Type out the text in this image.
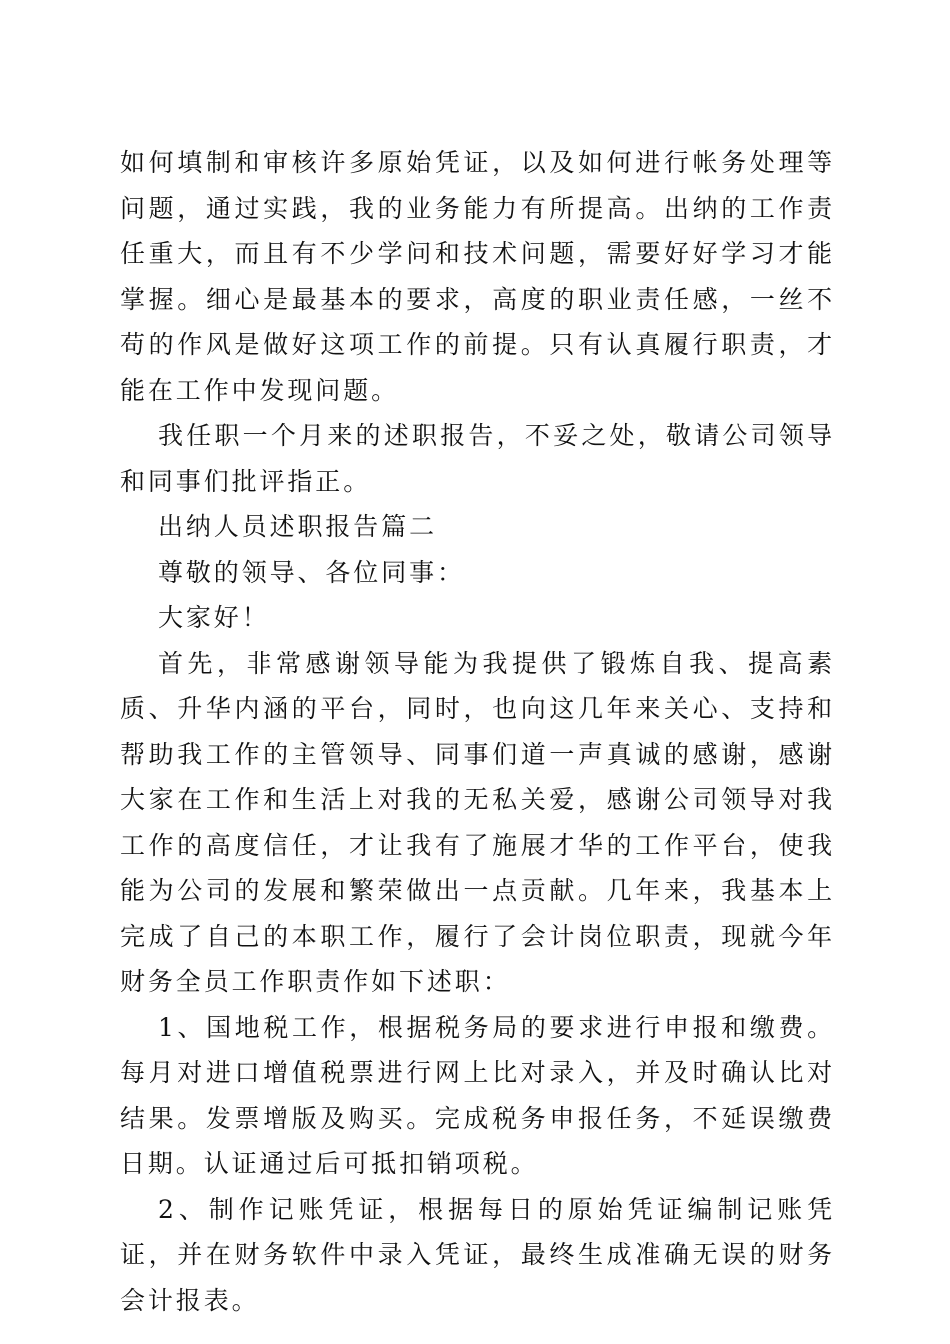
如何填制和审核许多原始凭证，以及如何进行帐务处理等问题，通过实践，我的业务能力有所提高。出纳的工作责任重大，而且有不少学问和技术问题，需要好好学习才能掌握。细心是最基本的要求，高度的职业责任感，一丝不苟的作风是做好这项工作的前提。只有认真履行职责，才能在工作中发现问题。

我任职一个月来的述职报告，不妥之处，敬请公司领导和同事们批评指正。

出纳人员述职报告篇二

尊敬的领导、各位同事：

大家好！

首先，非常感谢领导能为我提供了锻炼自我、提高素质、升华内涵的平台，同时，也向这几年来关心、支持和帮助我工作的主管领导、同事们道一声真诚的感谢，感谢大家在工作和生活上对我的无私关爱，感谢公司领导对我工作的高度信任，才让我有了施展才华的工作平台，使我能为公司的发展和繁荣做出一点贡献。几年来，我基本上完成了自己的本职工作，履行了会计岗位职责，现就今年财务全员工作职责作如下述职：

1、国地税工作，根据税务局的要求进行申报和缴费。每月对进口增值税票进行网上比对录入，并及时确认比对结果。发票增版及购买。完成税务申报任务，不延误缴费日期。认证通过后可抵扣销项税。

2、制作记账凭证，根据每日的原始凭证编制记账凭证，并在财务软件中录入凭证，最终生成准确无误的财务会计报表。
